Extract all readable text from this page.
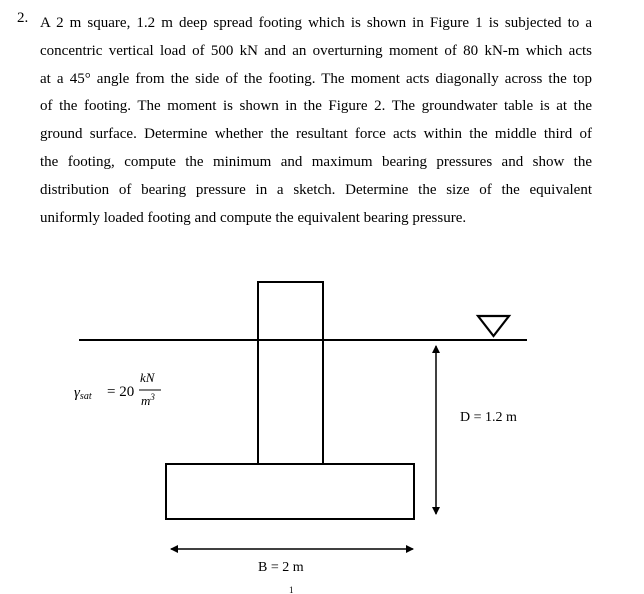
2. A 2 m square, 1.2 m deep spread footing which is shown in Figure 1 is subjected to a
concentric vertical load of 500 kN and an overturning moment of 80 kN-m which acts
at a 45° angle from the side of the footing. The moment acts diagonally across the top
of the footing. The moment is shown in the Figure 2. The groundwater table is at the
ground surface. Determine whether the resultant force acts within the middle third of
the footing, compute the minimum and maximum bearing pressures and show the
distribution of bearing pressure in a sketch. Determine the size of the equivalent
uniformly loaded footing and compute the equivalent bearing pressure.

γsat = 20
kN
$m^3$
D = 1.2 m
B = 2 m
1
